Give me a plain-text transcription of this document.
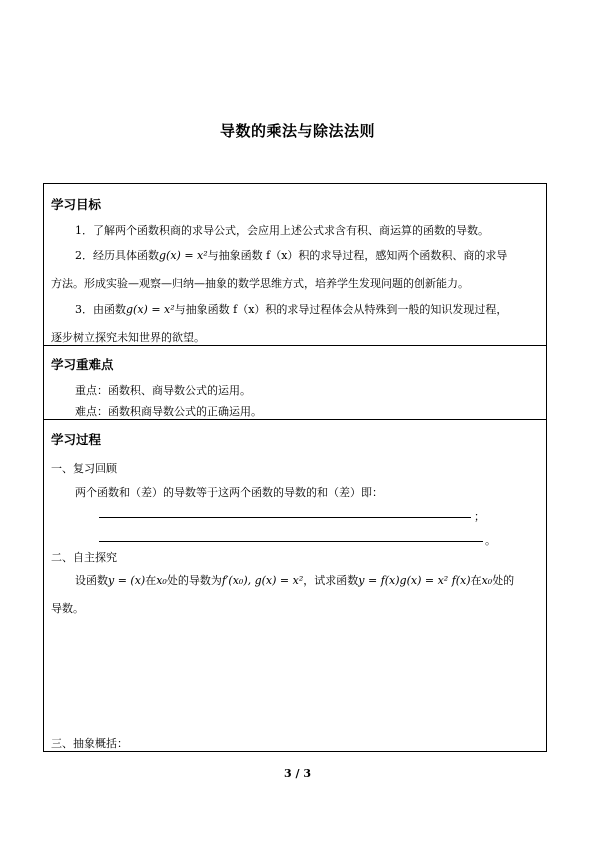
导数的乘法与除法法则
学习目标
1．了解两个函数积商的求导公式，会应用上述公式求含有积、商运算的函数的导数。
2．经历具体函数g(x) = x²与抽象函数 f（x）积的求导过程，感知两个函数积、商的求导
方法。形成实验—观察—归纳—抽象的数学思维方式，培养学生发现问题的创新能力。
3．由函数g(x) = x²与抽象函数 f（x）积的求导过程体会从特殊到一般的知识发现过程，
逐步树立探究未知世界的欲望。
学习重难点
重点：函数积、商导数公式的运用。
难点：函数积商导数公式的正确运用。
学习过程
一、复习回顾
两个函数和（差）的导数等于这两个函数的导数的和（差）即：
；
。
二、自主探究
设函数y = (x)在x₀处的导数为f′(x₀), g(x) = x²，试求函数y = f(x)g(x) = x² f(x)在x₀处的
导数。
三、抽象概括：
3 / 3
